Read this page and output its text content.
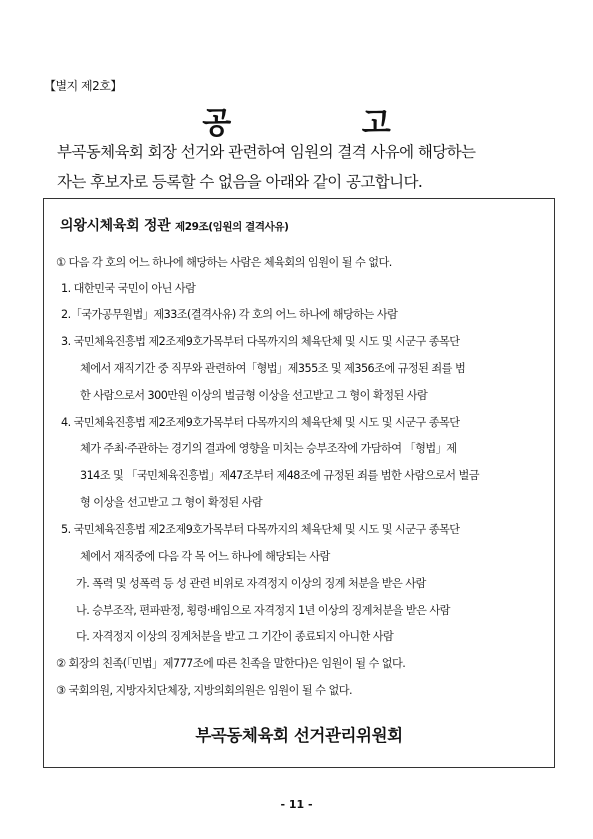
【별지 제2호】
공 고
부곡동체육회 회장 선거와 관련하여 임원의 결격 사유에 해당하는
자는 후보자로 등록할 수 없음을 아래와 같이 공고합니다.
의왕시체육회 정관 제29조(임원의 결격사유)
① 다음 각 호의 어느 하나에 해당하는 사람은 체육회의 임원이 될 수 없다.
1. 대한민국 국민이 아닌 사람
2.「국가공무원법」제33조(결격사유) 각 호의 어느 하나에 해당하는 사람
3. 국민체육진흥법 제2조제9호가목부터 다목까지의 체육단체 및 시도 및 시군구 종목단
체에서 재직기간 중 직무와 관련하여「형법」제355조 및 제356조에 규정된 죄를 범
한 사람으로서 300만원 이상의 벌금형 이상을 선고받고 그 형이 확정된 사람
4. 국민체육진흥법 제2조제9호가목부터 다목까지의 체육단체 및 시도 및 시군구 종목단
체가 주최·주관하는 경기의 결과에 영향을 미치는 승부조작에 가담하여 「형법」제
314조 및 「국민체육진흥법」제47조부터 제48조에 규정된 죄를 범한 사람으로서 벌금
형 이상을 선고받고 그 형이 확정된 사람
5. 국민체육진흥법 제2조제9호가목부터 다목까지의 체육단체 및 시도 및 시군구 종목단
체에서 재직중에 다음 각 목 어느 하나에 해당되는 사람
가. 폭력 및 성폭력 등 성 관련 비위로 자격정지 이상의 징계 처분을 받은 사람
나. 승부조작, 편파판정, 횡령·배임으로 자격정지 1년 이상의 징계처분을 받은 사람
다. 자격정지 이상의 징계처분을 받고 그 기간이 종료되지 아니한 사람
② 회장의 친족(「민법」제777조에 따른 친족을 말한다)은 임원이 될 수 없다.
③ 국회의원, 지방자치단체장, 지방의회의원은 임원이 될 수 없다.
부곡동체육회 선거관리위원회
- 11 -
